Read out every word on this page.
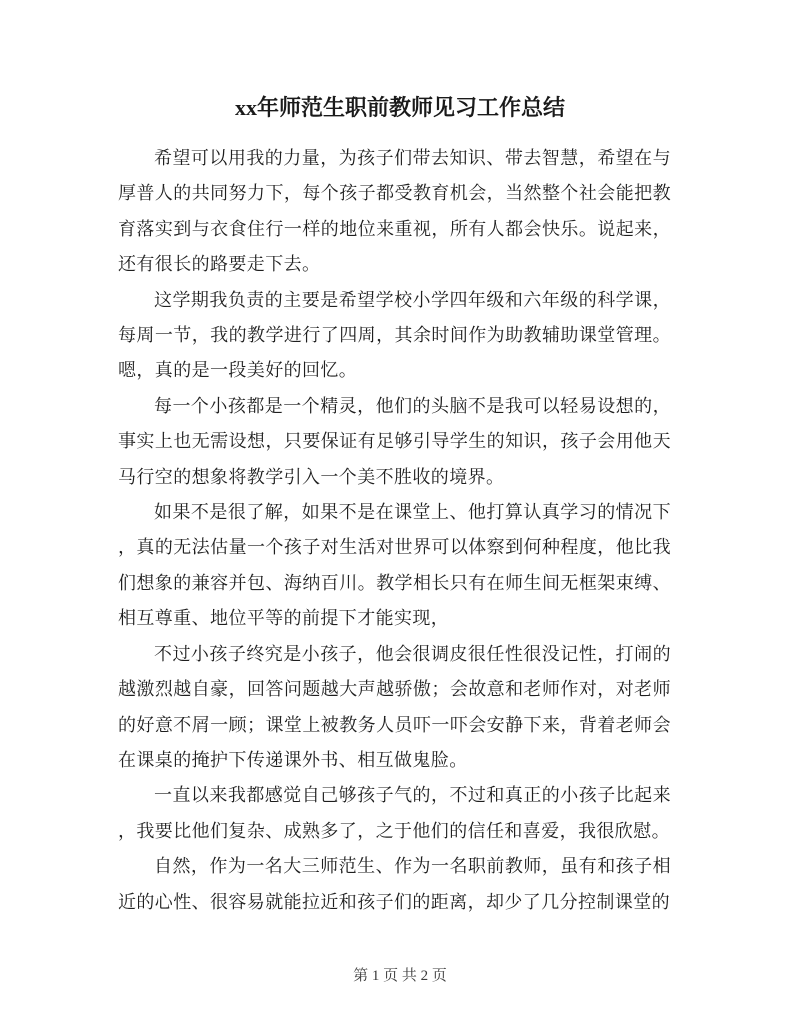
xx年师范生职前教师见习工作总结

希望可以用我的力量，为孩子们带去知识、带去智慧，希望在与厚普人的共同努力下，每个孩子都受教育机会，当然整个社会能把教育落实到与衣食住行一样的地位来重视，所有人都会快乐。说起来，还有很长的路要走下去。

这学期我负责的主要是希望学校小学四年级和六年级的科学课，每周一节，我的教学进行了四周，其余时间作为助教辅助课堂管理。嗯，真的是一段美好的回忆。

每一个小孩都是一个精灵，他们的头脑不是我可以轻易设想的，事实上也无需设想，只要保证有足够引导学生的知识，孩子会用他天马行空的想象将教学引入一个美不胜收的境界。

如果不是很了解，如果不是在课堂上、他打算认真学习的情况下，真的无法估量一个孩子对生活对世界可以体察到何种程度，他比我们想象的兼容并包、海纳百川。教学相长只有在师生间无框架束缚、相互尊重、地位平等的前提下才能实现，

不过小孩子终究是小孩子，他会很调皮很任性很没记性，打闹的越激烈越自豪，回答问题越大声越骄傲；会故意和老师作对，对老师的好意不屑一顾；课堂上被教务人员吓一吓会安静下来，背着老师会在课桌的掩护下传递课外书、相互做鬼脸。

一直以来我都感觉自己够孩子气的，不过和真正的小孩子比起来，我要比他们复杂、成熟多了，之于他们的信任和喜爱，我很欣慰。

自然，作为一名大三师范生、作为一名职前教师，虽有和孩子相近的心性、很容易就能拉近和孩子们的距离，却少了几分控制课堂的

第 1 页 共 2 页
